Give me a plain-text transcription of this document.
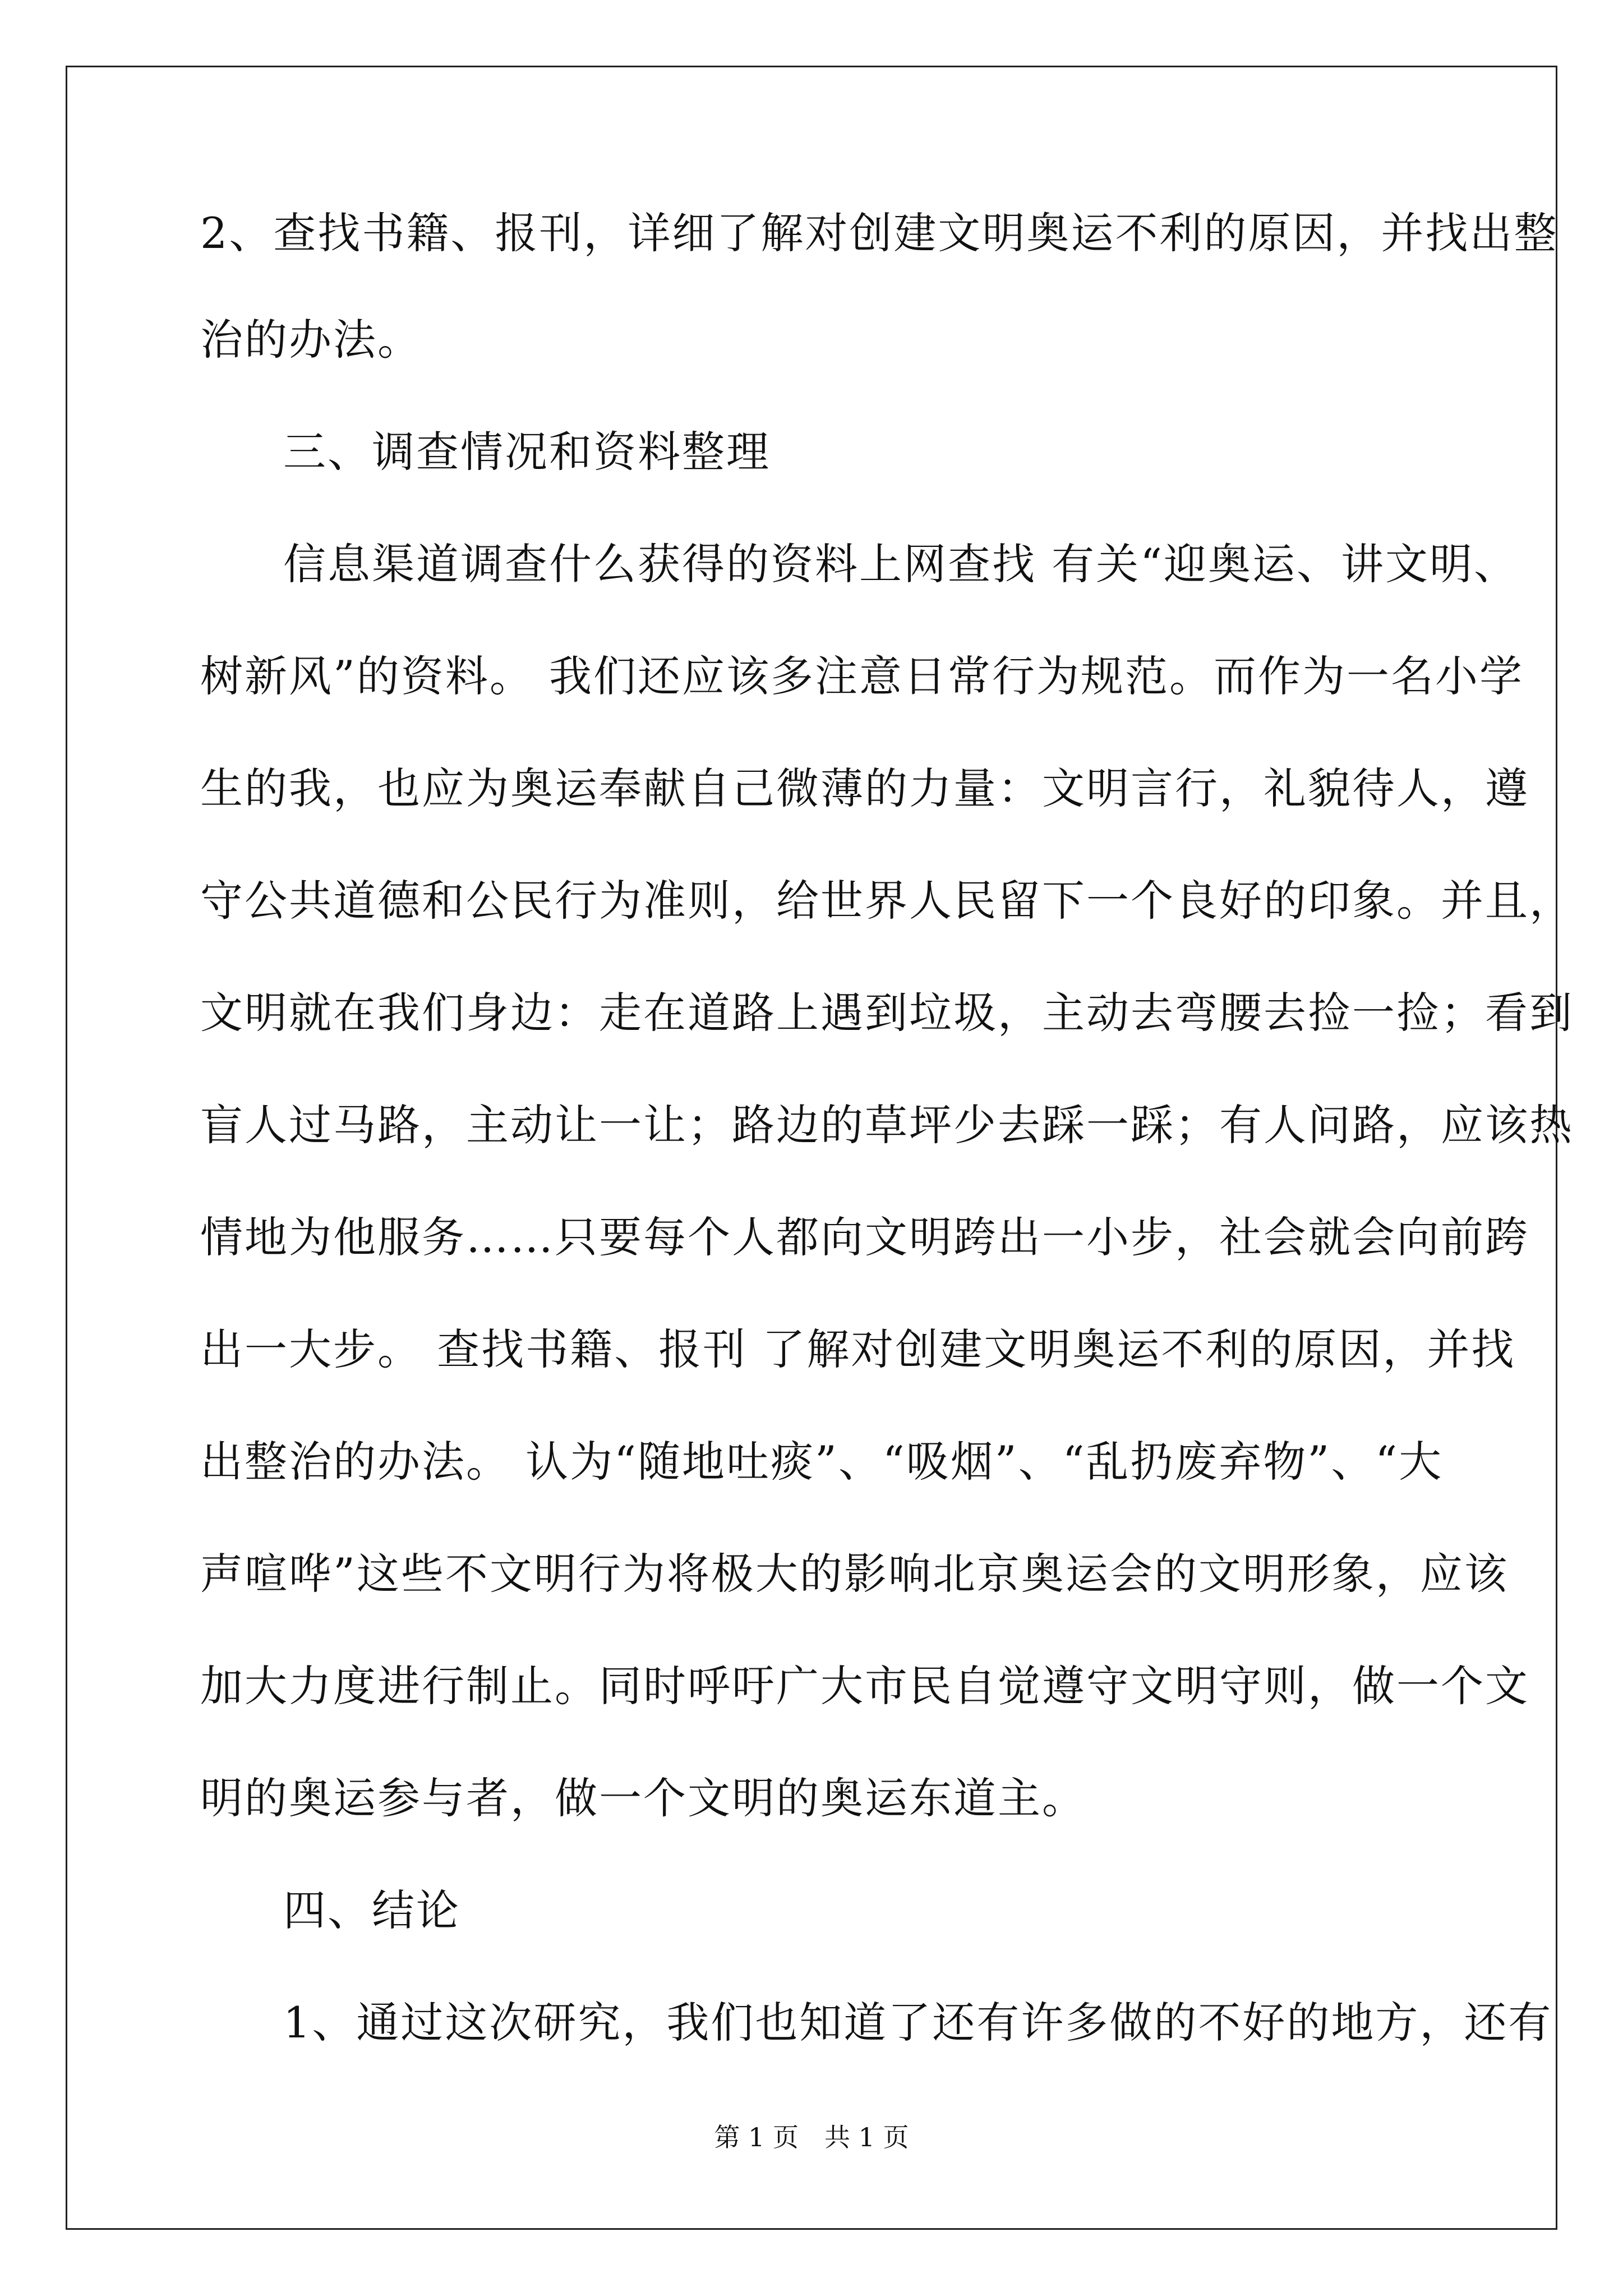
2、查找书籍、报刊，详细了解对创建文明奥运不利的原因，并找出整
治的办法。
三、调查情况和资料整理
信息渠道调查什么获得的资料上网查找 有关“迎奥运、讲文明、
树新风”的资料。 我们还应该多注意日常行为规范。而作为一名小学
生的我，也应为奥运奉献自己微薄的力量：文明言行，礼貌待人，遵
守公共道德和公民行为准则，给世界人民留下一个良好的印象。并且，
文明就在我们身边：走在道路上遇到垃圾，主动去弯腰去捡一捡；看到
盲人过马路，主动让一让；路边的草坪少去踩一踩；有人问路，应该热
情地为他服务……只要每个人都向文明跨出一小步，社会就会向前跨
出一大步。 查找书籍、报刊 了解对创建文明奥运不利的原因，并找
出整治的办法。 认为“随地吐痰”、“吸烟”、“乱扔废弃物”、“大
声喧哗”这些不文明行为将极大的影响北京奥运会的文明形象，应该
加大力度进行制止。同时呼吁广大市民自觉遵守文明守则，做一个文
明的奥运参与者，做一个文明的奥运东道主。
四、结论
1、通过这次研究，我们也知道了还有许多做的不好的地方，还有
第 1 页　共 1 页
